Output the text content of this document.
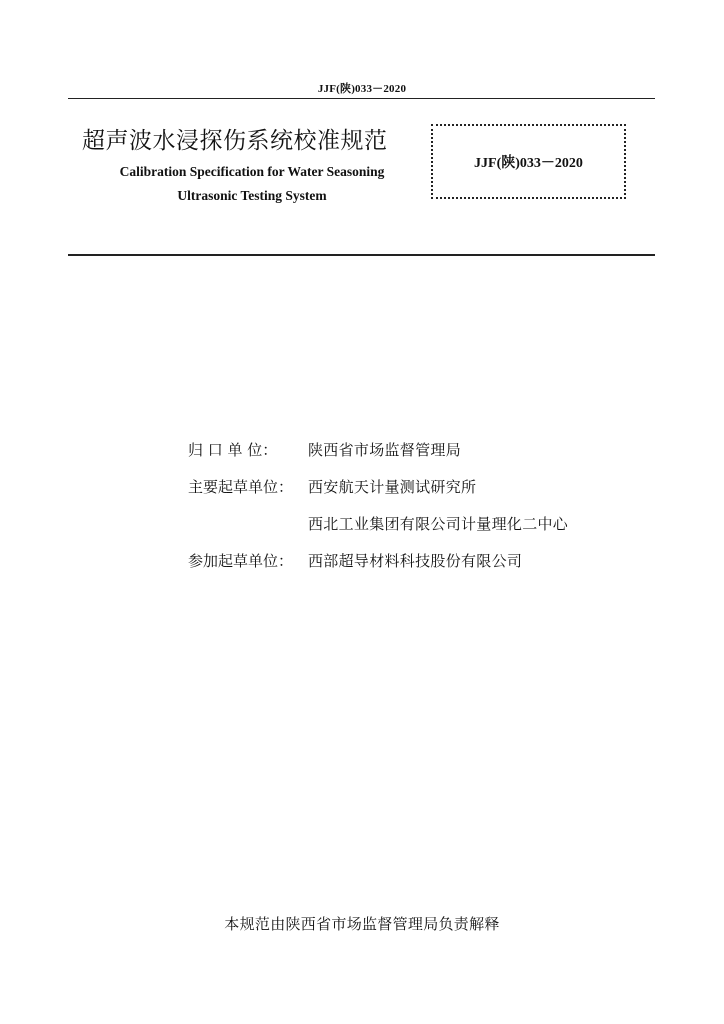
JJF(陕)033－2020
超声波水浸探伤系统校准规范
Calibration Specification for Water Seasoning
Ultrasonic Testing System
JJF(陕)033－2020
归 口 单 位：	陕西省市场监督管理局
主要起草单位： 西安航天计量测试研究所
西北工业集团有限公司计量理化二中心
参加起草单位： 西部超导材料科技股份有限公司
本规范由陕西省市场监督管理局负责解释
